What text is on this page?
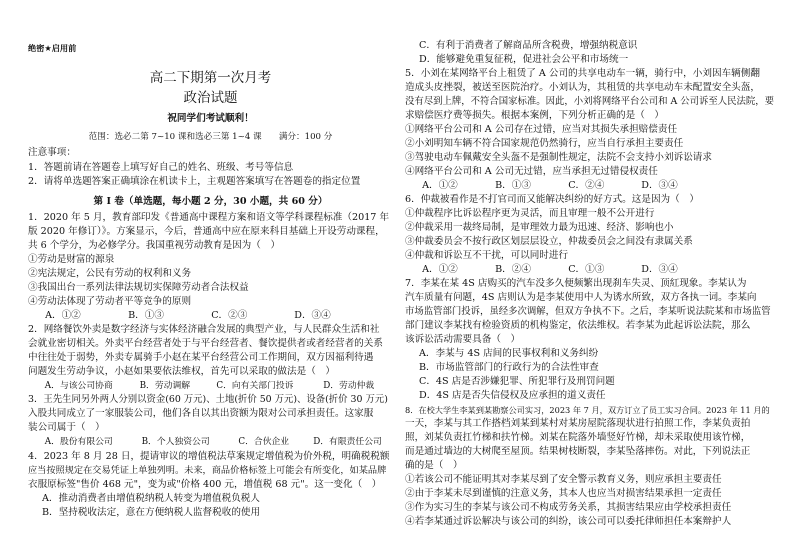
绝密★启用前
高二下期第一次月考
政治试题
祝同学们考试顺利！
范围：选必二第 7~10 课和选必三第 1~4 课　　满分：100 分
注意事项：
1．答题前请在答题卷上填写好自己的姓名、班级、考号等信息
2．请将单选题答案正确填涂在机读卡上，主观题答案填写在答题卷的指定位置
第 I 卷（单选题，每小题 2 分，30 小题，共 60 分）
1．2020 年 5 月，教育部印发《普通高中课程方案和语文等学科课程标准（2017 年
版 2020 年修订）》。方案显示，今后，普通高中应在原来科目基础上开设劳动课程，
共 6 个学分，为必修学分。我国重视劳动教育是因为（　）
①劳动是财富的源泉
②宪法规定，公民有劳动的权利和义务
③我国出台一系列法律法规切实保障劳动者合法权益
④劳动法体现了劳动者平等竞争的原则
A．①②	B．①③	C．②③	D．③④
2．网络餐饮外卖是数字经济与实体经济融合发展的典型产业，与人民群众生活和社
会就业密切相关。外卖平台经营者处于与平台经营者、餐饮提供者或者经营者的关系
中往往处于弱势，外卖专属骑手小赵在某平台经营公司工作期间，双方因福利待遇
问题发生劳动争议，小赵如果要依法维权，首先可以采取的做法是（　）
A．与该公司协商	B．劳动调解	C．向有关部门投诉	D．劳动仲裁
3．王先生同另外两人分别以资金(60 万元)、土地(折价 50 万元)、设备(折价 30 万元)
入股共同成立了一家服装公司，他们各自以其出资额为限对公司承担责任。这家服
装公司属于（　）
A．股份有限公司	B．个人独资公司	C．合伙企业	D．有限责任公司
4．2023 年 8 月 28 日，提请审议的增值税法草案规定增值税为价外税，明确税税额
应当按照规定在交易凭证上单独列明。未来，商品价格标签上可能会有所变化，如某品牌
衣服原标签"售价 468 元"，变为或"价格 400 元，增值税 68 元"。这一变化（　）
A．推动消费者由增值税纳税人转变为增值税负税人
B．坚持税收法定，意在方便纳税人监督税收的使用
C．有利于消费者了解商品所含税费，增强纳税意识
D．能够避免重复征税，促进社会公平和市场统一
5．小刘在某网络平台上租赁了 A 公司的共享电动车一辆，骑行中，小刘因车辆侧翻
造成头皮挫裂，被送至医院治疗。小刘认为，其租赁的共享电动车未配置安全头盔，
没有尽到上牌，不符合国家标准。因此，小刘将网络平台公司和 A 公司诉至人民法院，要
求赔偿医疗费等损失。根据本案例，下列分析正确的是（　）
①网络平台公司和 A 公司存在过错，应当对其损失承担赔偿责任
②小刘明知车辆不符合国家规范仍然骑行，应当自行承担主要责任
③驾驶电动车佩戴安全头盔不是强制性规定，法院不会支持小刘诉讼请求
④网络平台公司和 A 公司无过错，应当承担无过错侵权责任
A．①②	B．①③	C．②④	D．③④
6．仲裁被看作是不打官司而又能解决纠纷的好方式。这是因为（　）
①仲裁程序比诉讼程序更为灵活，而且审理一般不公开进行
②仲裁采用一裁终局制，是审理效力最为迅速、经济、影响也小
③仲裁委员会不按行政区划层层设立，仲裁委员会之间没有隶属关系
④仲裁和诉讼互不干扰，可以同时进行
A．①②	B．②④	C．①③	D．③④
7．李某在某 4S 店购买的汽车没多久便频繁出现刹车失灵、顶紅现象。李某认为
汽车质量有问题，4S 店则认为是李某使用中人为诱水所致，双方各执一词。李某向
市场监管部门投诉，虽经多次调解，但双方争执不下。之后，李某听说法院某和市场监管
部门建议李某找有检验资质的机构鉴定，依法维权。若李某为此起诉讼法院，那么
该诉讼活动需要具备（　）
A．李某与 4S 店间的民事权利和义务纠纷
B．市场监管部门的行政行为的合法性审查
C．4S 店是否涉嫌犯罪、所犯罪行及刑罚问题
D．4S 店是否失信侵权及应承担的道义责任
8．在校大学生李某到某勘察公司实习，2023 年 7 月，双方订立了员工实习合同。2023 年 11 月的
一天，李某与其工作搭档刘某到某村对某房屋院落现状进行拍照工作，李某负责拍
照，刘某负责扛竹梯和扶竹梯。刘某在院落外墙竖好竹梯，却未采取使用该竹梯，
而是通过墙边的大树爬至屋顶。结果树枝断裂，李某坠落摔伤。对此，下列说法正
确的是（　）
①若该公司不能证明其对李某尽到了安全警示教育义务，则应承担主要责任
②由于李某未尽到谨慎的注意义务，其本人也应当对损害结果承担一定责任
③作为实习生的李某与该公司不构成劳务关系，其损害结果应由学校承担责任
④若李某通过诉讼解决与该公司的纠纷，该公司可以委托律师担任本案辩护人
